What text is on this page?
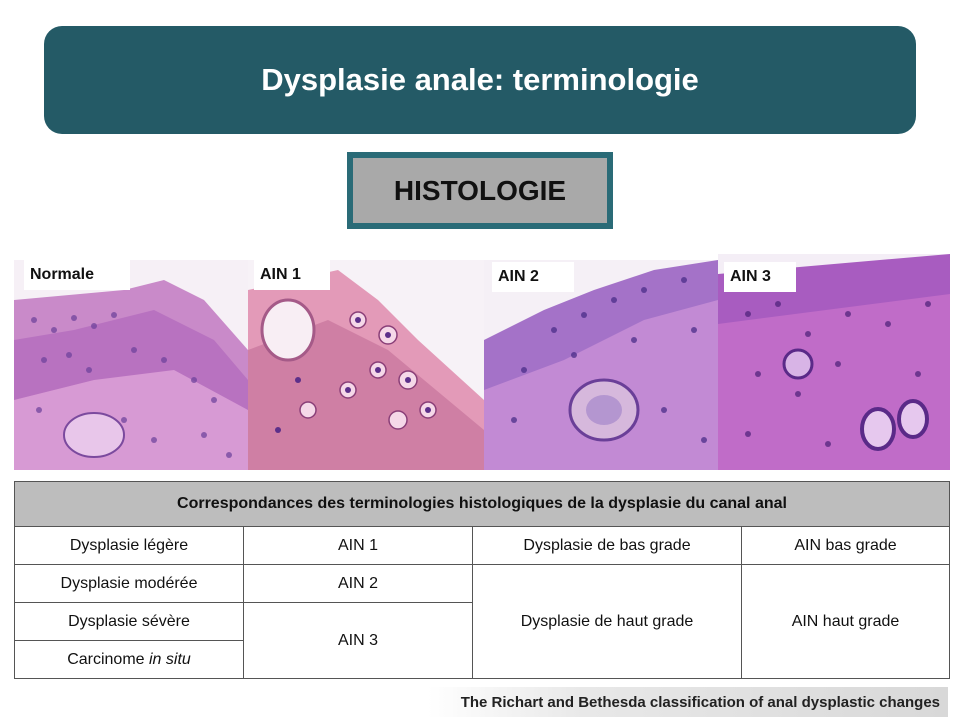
Dysplasie anale: terminologie
HISTOLOGIE
Normale	AIN 1	AIN 2	AIN 3
Correspondances des terminologies histologiques de la dysplasie du canal anal			
Dysplasie légère	AIN 1	Dysplasie de bas grade	AIN bas grade
Dysplasie modérée	AIN 2	Dysplasie de haut grade	AIN haut grade
Dysplasie sévère	AIN 3		
Carcinome in situ			
The Richart and Bethesda classification of anal dysplastic changes
